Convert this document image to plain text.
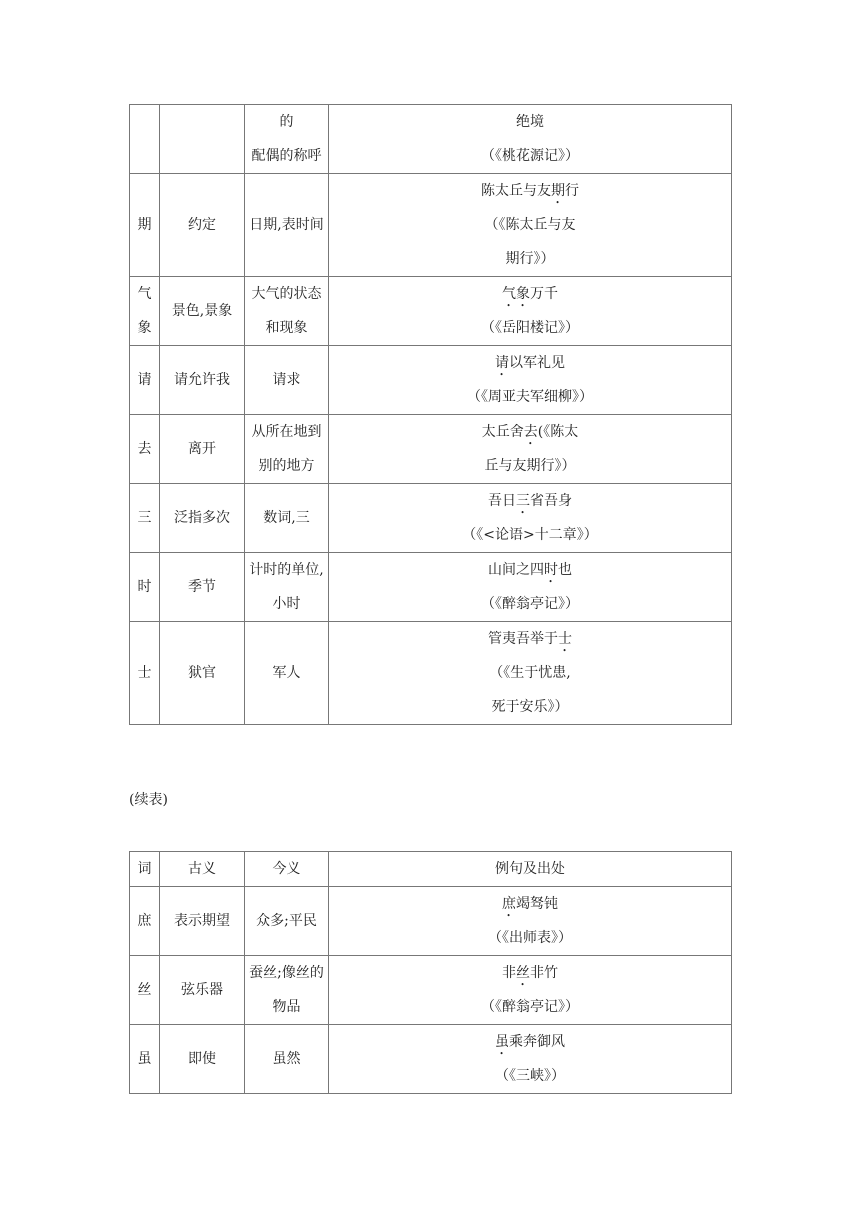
		的
配偶的称呼	绝境
（《桃花源记》）

期	约定	日期,表时间	陈太丘与友期行
（《陈太丘与友
期行》）

气象	景色,景象	大气的状态
和现象	气象万千
（《岳阳楼记》）

请	请允许我	请求	请以军礼见
（《周亚夫军细柳》）

去	离开	从所在地到
别的地方	太丘舍去(《陈太
丘与友期行》）

三	泛指多次	数词,三	吾日三省吾身
（《<论语>十二章》）

时	季节	计时的单位,
小时	山间之四时也
（《醉翁亭记》）

士	狱官	军人	管夷吾举于士
（《生于忧患,
死于安乐》）
(续表)
词	古义	今义	例句及出处
庶	表示期望	众多;平民	庶竭驽钝
（《出师表》）

丝	弦乐器	蚕丝;像丝的
物品	非丝非竹
（《醉翁亭记》）

虽	即使	虽然	虽乘奔御风
（《三峡》）
